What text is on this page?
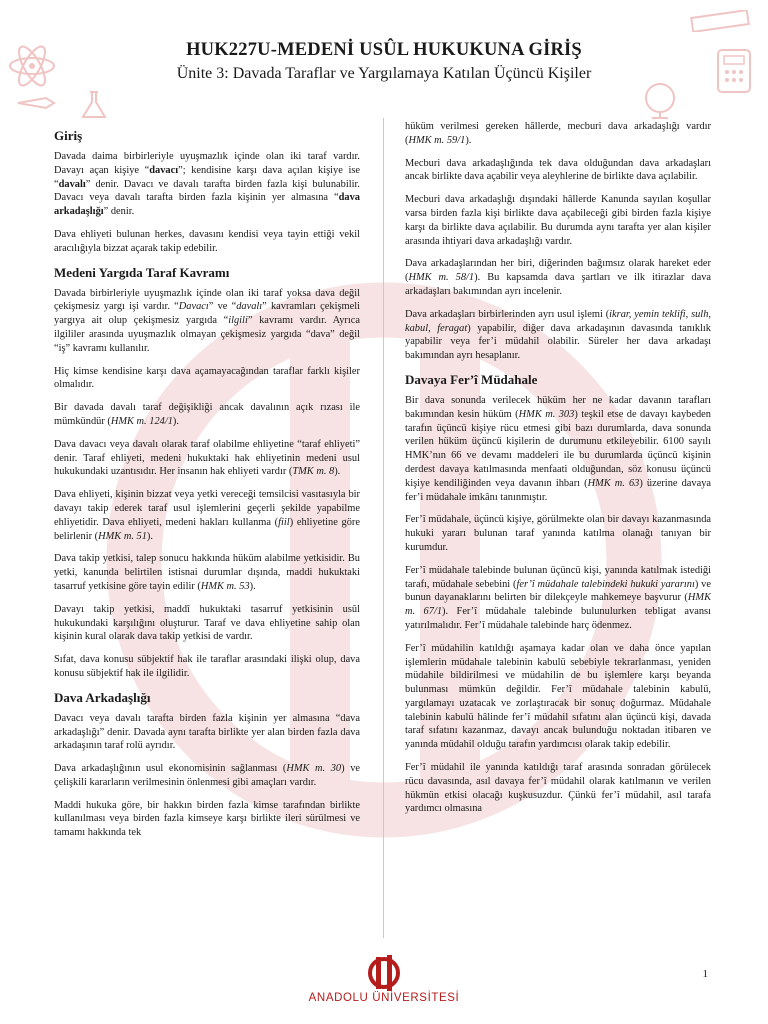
HUK227U-MEDENİ USÛL HUKUKUNA GİRİŞ
Ünite 3: Davada Taraflar ve Yargılamaya Katılan Üçüncü Kişiler
Giriş

Davada daima birbirleriyle uyuşmazlık içinde olan iki taraf vardır. Davayı açan kişiye “davacı”; kendisine karşı dava açılan kişiye ise “davalı” denir. Davacı ve davalı tarafta birden fazla kişi bulunabilir. Davacı veya davalı tarafta birden fazla kişinin yer almasına “dava arkadaşlığı” denir.

Dava ehliyeti bulunan herkes, davasını kendisi veya tayin ettiği vekil aracılığıyla bizzat açarak takip edebilir.

Medeni Yargıda Taraf Kavramı

Davada birbirleriyle uyuşmazlık içinde olan iki taraf yoksa dava değil çekişmesiz yargı işi vardır. “Davacı” ve “davalı” kavramları çekişmeli yargıya ait olup çekişmesiz yargıda “ilgili” kavramı vardır. Ayrıca ilgililer arasında uyuşmazlık olmayan çekişmesiz yargıda “dava” değil “iş” kavramı kullanılır.

Hiç kimse kendisine karşı dava açamayacağından taraflar farklı kişiler olmalıdır.

Bir davada davalı taraf değişikliği ancak davalının açık rızası ile mümkündür (HMK m. 124/1).

Dava davacı veya davalı olarak taraf olabilme ehliyetine “taraf ehliyeti” denir. Taraf ehliyeti, medeni hukuktaki hak ehliyetinin medeni usul hukukundaki uzantısıdır. Her insanın hak ehliyeti vardır (TMK m. 8).

Dava ehliyeti, kişinin bizzat veya yetki vereceği temsilcisi vasıtasıyla bir davayı takip ederek taraf usul işlemlerini geçerli şekilde yapabilme ehliyetidir. Dava ehliyeti, medeni hakları kullanma (fiil) ehliyetine göre belirlenir (HMK m. 51).

Dava takip yetkisi, talep sonucu hakkında hüküm alabilme yetkisidir. Bu yetki, kanunda belirtilen istisnai durumlar dışında, maddi hukuktaki tasarruf yetkisine göre tayin edilir (HMK m. 53).

Davayı takip yetkisi, maddî hukuktaki tasarruf yetkisinin usûl hukukundaki karşılığını oluşturur. Taraf ve dava ehliyetine sahip olan kişinin kural olarak dava takip yetkisi de vardır.

Sıfat, dava konusu sübjektif hak ile taraflar arasındaki ilişki olup, dava konusu sübjektif hak ile ilgilidir.

Dava Arkadaşlığı

Davacı veya davalı tarafta birden fazla kişinin yer almasına “dava arkadaşlığı” denir. Davada aynı tarafta birlikte yer alan birden fazla dava arkadaşının taraf rolü ayrıdır.

Dava arkadaşlığının usul ekonomisinin sağlanması (HMK m. 30) ve çelişkili kararların verilmesinin önlenmesi gibi amaçları vardır.

Maddi hukuka göre, bir hakkın birden fazla kimse tarafından birlikte kullanılması veya birden fazla kimseye karşı birlikte ileri sürülmesi ve tamamı hakkında tek

hüküm verilmesi gereken hâllerde, mecburi dava arkadaşlığı vardır (HMK m. 59/1).

Mecburi dava arkadaşlığında tek dava olduğundan dava arkadaşları ancak birlikte dava açabilir veya aleyhlerine de birlikte dava açılabilir.

Mecburi dava arkadaşlığı dışındaki hâllerde Kanunda sayılan koşullar varsa birden fazla kişi birlikte dava açabileceği gibi birden fazla kişiye karşı da birlikte dava açılabilir. Bu durumda aynı tarafta yer alan kişiler arasında ihtiyari dava arkadaşlığı vardır.

Dava arkadaşlarından her biri, diğerinden bağımsız olarak hareket eder (HMK m. 58/1). Bu kapsamda dava şartları ve ilk itirazlar dava arkadaşları bakımından ayrı incelenir.

Dava arkadaşları birbirlerinden ayrı usul işlemi (ikrar, yemin teklifi, sulh, kabul, feragat) yapabilir, diğer dava arkadaşının davasında tanıklık yapabilir veya fer’i müdahil olabilir. Süreler her dava arkadaşı bakımından ayrı hesaplanır.

Davaya Fer’î Müdahale

Bir dava sonunda verilecek hüküm her ne kadar davanın tarafları bakımından kesin hüküm (HMK m. 303) teşkil etse de davayı kaybeden tarafın üçüncü kişiye rücu etmesi gibi bazı durumlarda, dava sonunda verilen hüküm üçüncü kişilerin de durumunu etkileyebilir. 6100 sayılı HMK’nın 66 ve devamı maddeleri ile bu durumlarda üçüncü kişinin derdest davaya katılmasında menfaati olduğundan, söz konusu üçüncü kişiye kendiliğinden veya davanın ihbarı (HMK m. 63) üzerine davaya fer’i müdahale imkânı tanınmıştır.

Fer’î müdahale, üçüncü kişiye, görülmekte olan bir davayı kazanmasında hukuki yararı bulunan taraf yanında katılma olanağı tanıyan bir kurumdur.

Fer’î müdahale talebinde bulunan üçüncü kişi, yanında katılmak istediği tarafı, müdahale sebebini (fer’î müdahale talebindeki hukuki yararını) ve bunun dayanaklarını belirten bir dilekçeyle mahkemeye başvurur (HMK m. 67/1). Fer’î müdahale talebinde bulunulurken tebligat avansı yatırılmalıdır. Fer’î müdahale talebinde harç ödenmez.

Fer’î müdahilin katıldığı aşamaya kadar olan ve daha önce yapılan işlemlerin müdahale talebinin kabulü sebebiyle tekrarlanması, yeniden müdahile bildirilmesi ve müdahilin de bu işlemlere karşı beyanda bulunması mümkün değildir. Fer’î müdahale talebinin kabulü, yargılamayı uzatacak ve zorlaştıracak bir sonuç doğurmaz. Müdahale talebinin kabulü hâlinde fer’î müdahil sıfatını alan üçüncü kişi, davada taraf sıfatını kazanmaz, davayı ancak bulunduğu noktadan itibaren ve yanında müdahil olduğu tarafın yardımcısı olarak takip edebilir.

Fer’î müdahil ile yanında katıldığı taraf arasında sonradan görülecek rücu davasında, asıl davaya fer’î müdahil olarak katılmanın ve verilen hükmün etkisi olacağı kuşkusuzdur. Çünkü fer’î müdahil, asıl tarafa yardımcı olmasına

1
ANADOLU ÜNİVERSİTESİ
